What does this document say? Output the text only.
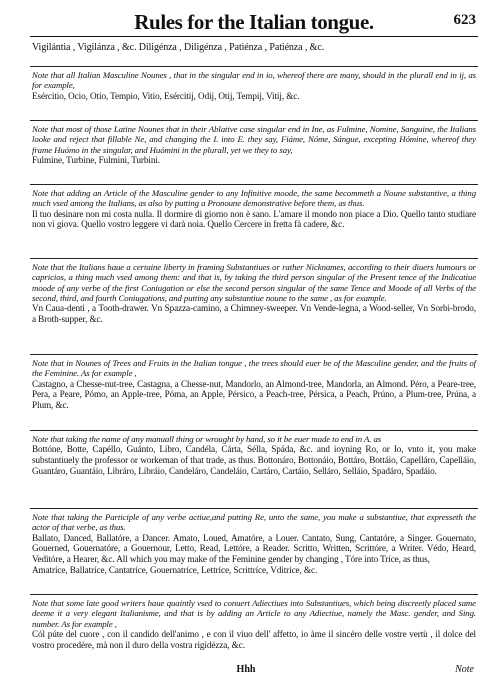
Rules for the Italian tongue.	623
Vigilántia , Vigilánza , &c. Diligénza , Diligénza , Patiénza , Patiénza , &c.

Note that all Italian Masculine Nounes , that in the singular end in io, whereof there are many, should in the plurall end in ij, as for example,

Esércitio, Ocio, Otio, Tempio, Vitio, Esércitij, Odij, Otij, Tempij, Vitij, &c.

Note that most of those Latine Nounes that in their Ablative case singular end in Ine, as Fulmine, Nomine, Sanguine, the Italians looke and reject that fillable Ne, and changing the I. into E. they say, Fiáme, Nóme, Sángue, excepting Hómine, whereof they frame Huómo in the singular, and Huómini in the plurall, yet we they to say,

Fulmine, Turbine, Fulmini, Turbini.

Note that adding an Article of the Masculine gender to any Infinitive moode, the same becommeth a Noune substantive, a thing much vsed among the Italians, as also by putting a Pronoune demonstrative before them, as thus.

Il tuo desinare non mi costa nulla. Il dormire di giorno non è sano. L'amare il mondo non piace a Dio. Quello tanto studiare non vi giova. Quello vostro leggere vi darà noia. Quello Cercere in fretta fà cadere, &c.

Note that the Italians haue a certaine liberty in framing Substantiues or rather Nicknames, according to their diuers humours or capricios, a thing much vsed among them: and that is, by taking the third person singular of the Present tence of the Indicatiue moode of any verbe of the first Coniugation or else the second person singular of the same Tence and Moode of all Verbs of the second, third, and fourth Coniugations, and putting any substantiue noune to the same , as for example.

Vn Caua-denti , a Tooth-drawer. Vn Spazza-camino, a Chimney-sweeper. Vn Vende-legna, a Wood-seller, Vn Sorbi-brodo, a Broth-supper, &c.

Note that in Nounes of Trees and Fruits in the Italian tongue , the trees should euer be of the Masculine gender, and the fruits of the Feminine. As for example ,

Castagno, a Chesse-nut-tree, Castagna, a Chesse-nut, Mandorlo, an Almond-tree, Mandorla, an Almond. Péro, a Peare-tree, Pera, a Peare, Pómo, an Apple-tree, Póma, an Apple, Pérsico, a Peach-tree, Pérsica, a Peach, Prúno, a Plum-tree, Prúna, a Plum, &c.

Note that taking the name of any manuall thing or wrought by hand, so it be euer made to end in A. as

Bottóne, Botte, Capéllo, Guánto, Libro, Candéla, Cárta, Sélla, Spáda, &c. and ioyning Ro, or Io, vnto it, you make substantiuely the professor or workeman of that trade, as thus. Bottonáro, Bottonáio, Bottáro, Bottáio, Capelláro, Capelláio, Guantáro, Guantáio, Libráro, Libráio, Candeláro, Candeláio, Cartáro, Cartáio, Selláro, Selláio, Spadáro, Spadáio.

Note that taking the Participle of any verbe actiue,and putting Re, unto the same, you make a substantiue, that expresseth the actor of that verbe, as thus.

Ballato, Danced, Ballatóre, a Dancer. Amato, Loued, Amatóre, a Louer. Cantato, Sung, Cantatóre, a Singer. Gouernato, Gouerned, Gouernatóre, a Gouernour, Letto, Read, Lettóre, a Reader. Scritto, Written, Scrittóre, a Writer. Védo, Heard, Veditóre, a Hearer, &c. All which you may make of the Feminine gender by changing , Tóre into Tríce, as thus,

Amatríce, Ballatríce, Cantatríce, Gouernatríce, Lettríce, Scrittríce, Vditríce, &c.

Note that some late good writers haue quaintly vsed to conuert Adiectiues into Substantiues, which being discreetly placed same deeme it a very elegant Italianisme, and that is by adding an Article to any Adiectiue, namely the Masc. gender, and Sing. number. As for example ,

Cól púte del cuore , con il candido dell'animo , e con il viuo dell' affetto, io àme il sincéro delle vostre vertù , il dolce del vostro procedére, mà non il duro della vostra rigidézza, &c.

Hhh	Note
